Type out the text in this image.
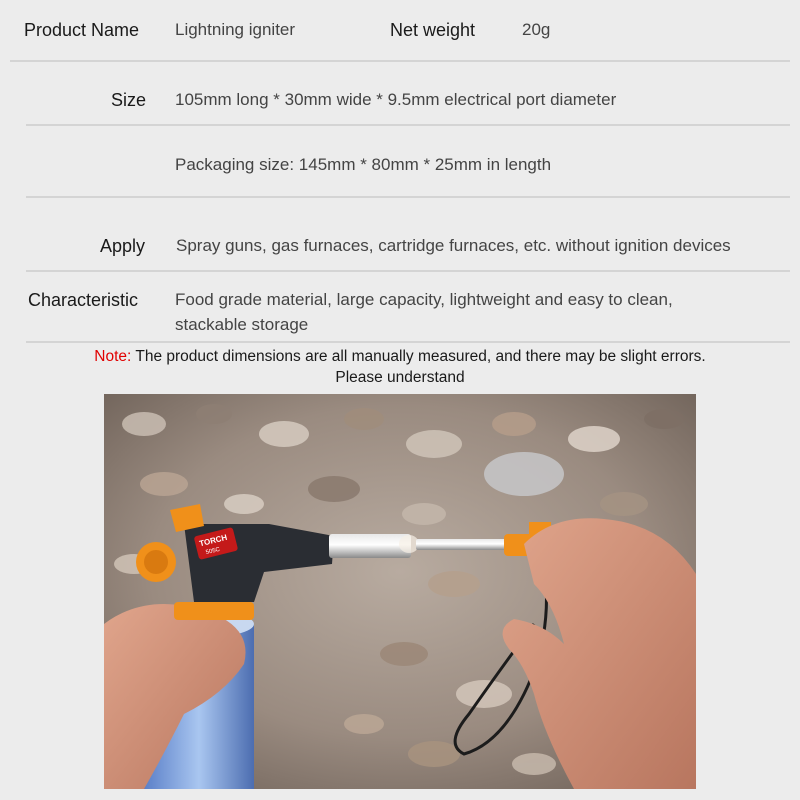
Product Name Lightning igniter	Net weight	20g
Size 105mm long * 30mm wide * 9.5mm electrical port diameter
Packaging size: 145mm * 80mm * 25mm in length
Apply Spray guns, gas furnaces, cartridge furnaces, etc. without ignition devices
Characteristic Food grade material, large capacity, lightweight and easy to clean,
stackable storage
Note: The product dimensions are all manually measured, and there may be slight errors.
Please understand
TORCH
505C
